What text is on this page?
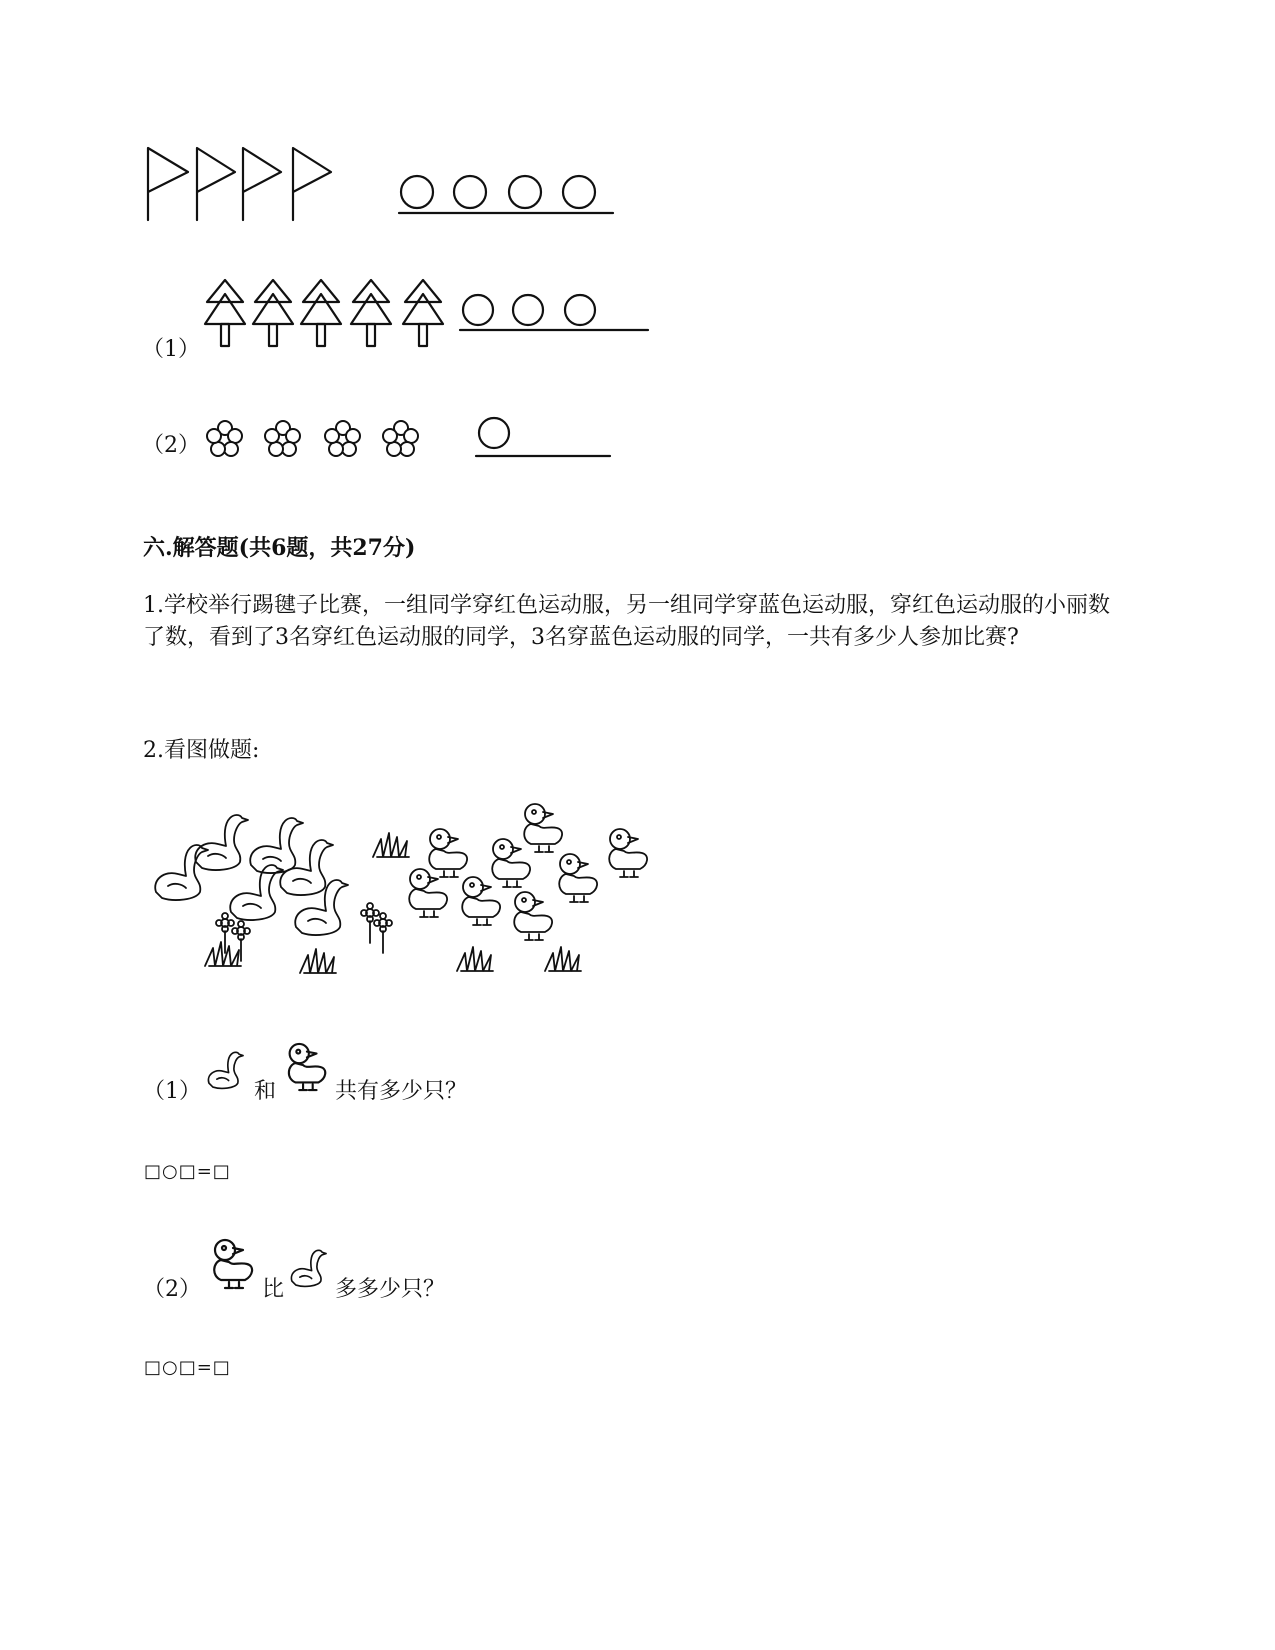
（1）
（2）
六.解答题(共6题，共27分)
1.学校举行踢毽子比赛，一组同学穿红色运动服，另一组同学穿蓝色运动服，穿红色运动服的小丽数了数，看到了3名穿红色运动服的同学，3名穿蓝色运动服的同学，一共有多少人参加比赛?
2.看图做题:
（1） 和	共有多少只？
□○□=□
（2）	比 多多少只？
□○□=□
